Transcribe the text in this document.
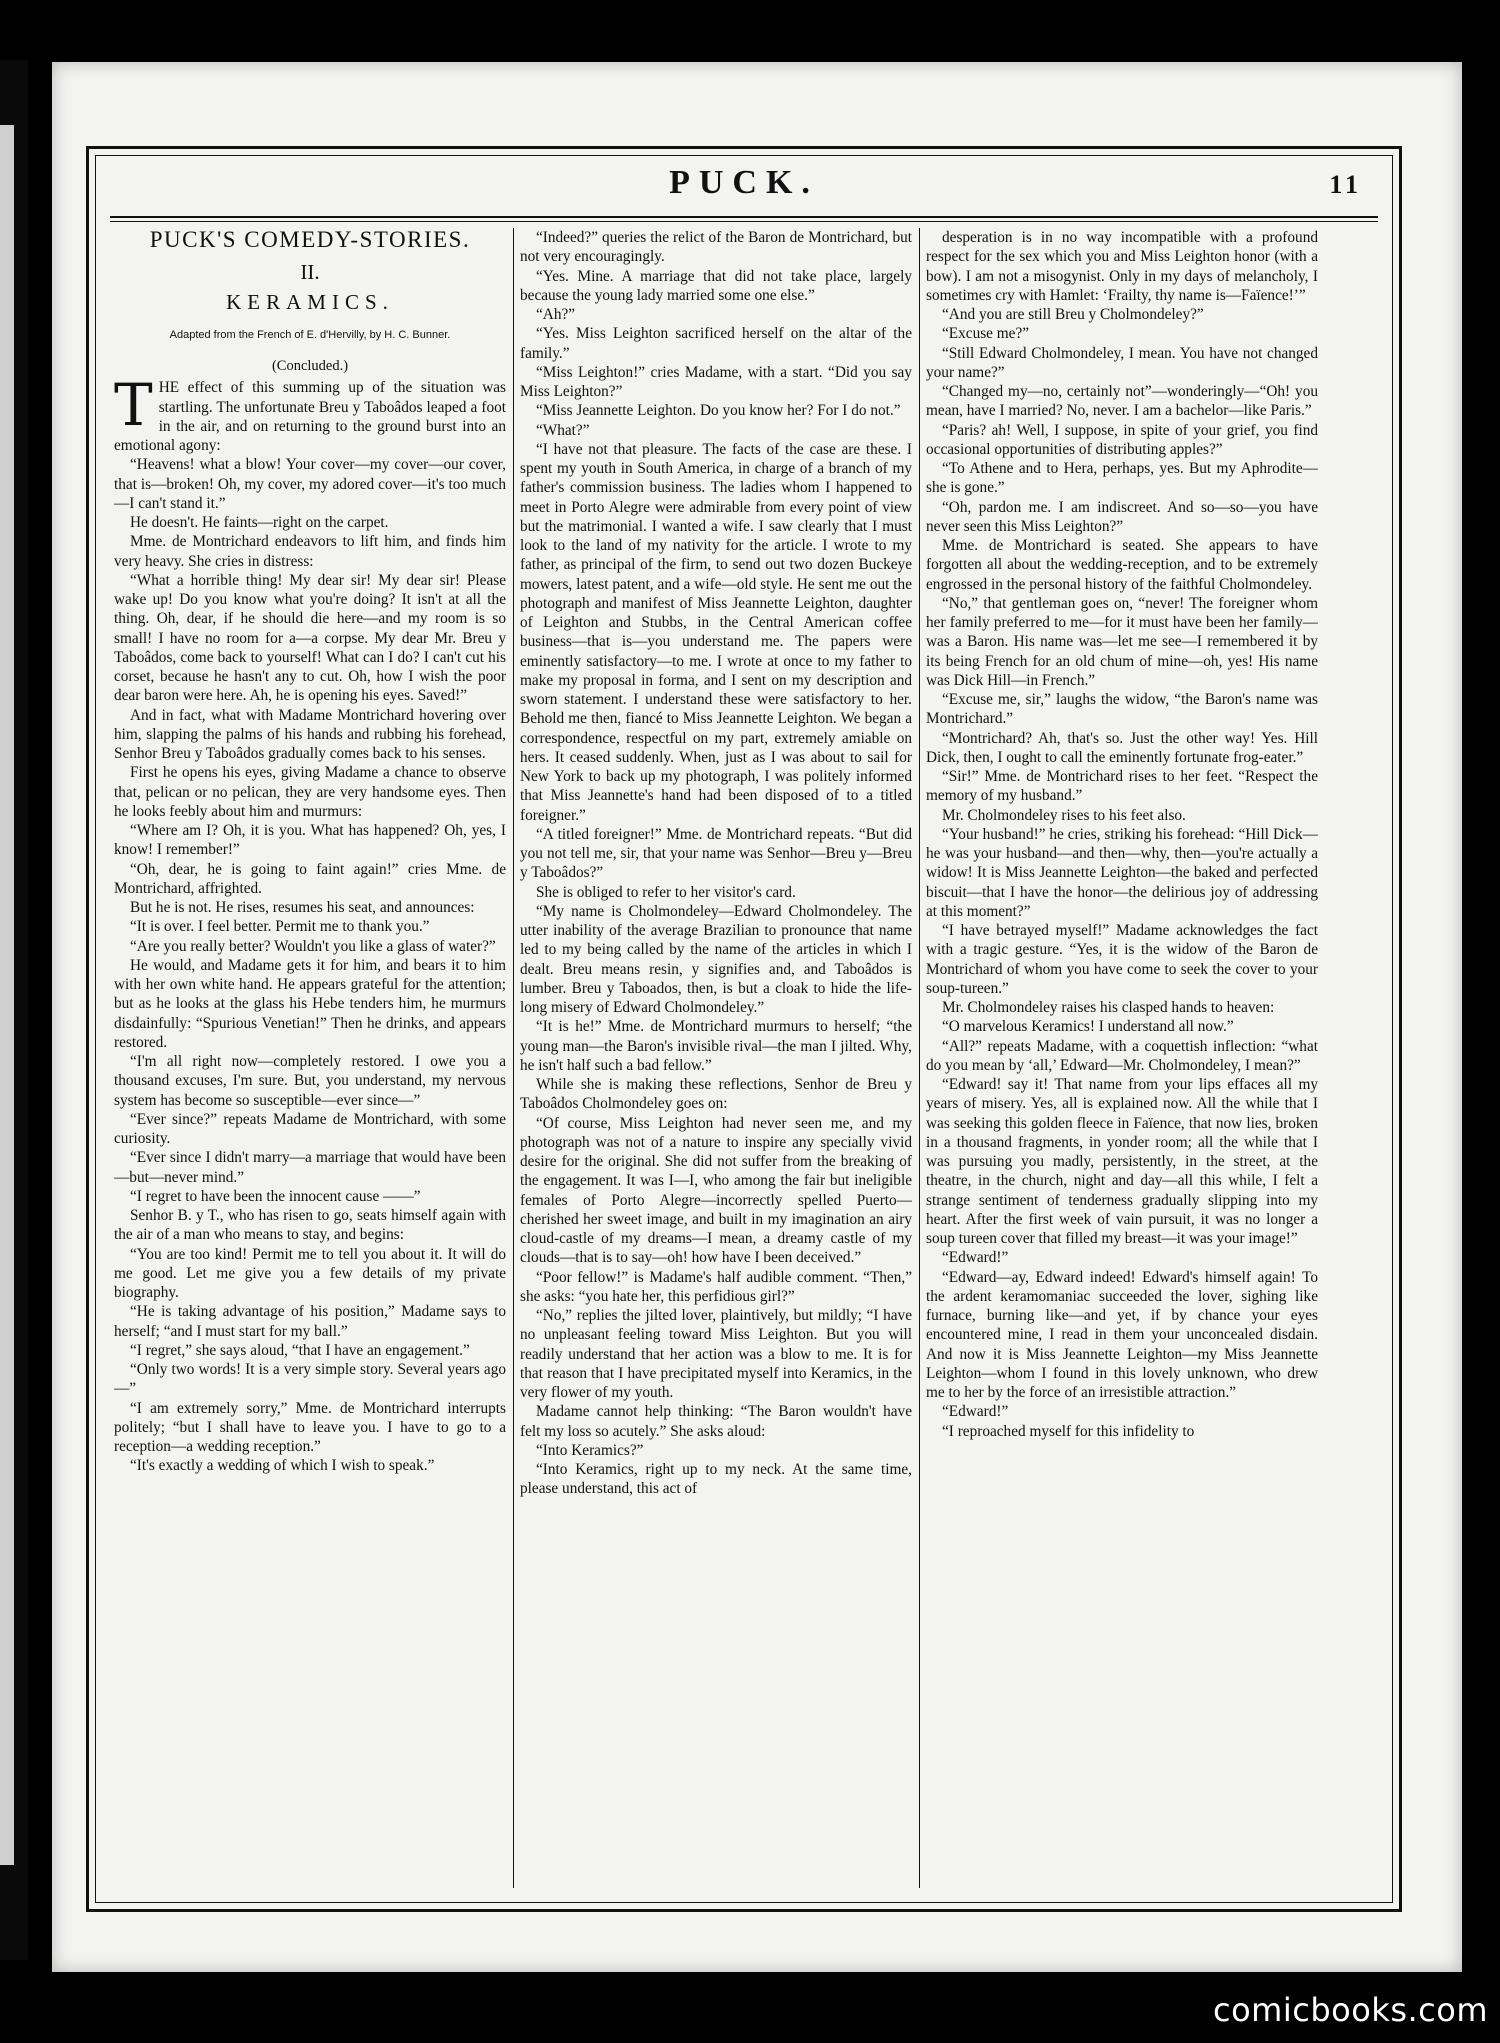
PUCK.	11
PUCK'S COMEDY-STORIES.
II.
KERAMICS.
Adapted from the French of E. d'Hervilly, by H. C. Bunner.
(Concluded.)

THE effect of this summing up of the situation was startling. The unfortunate Breu y Taboâdos leaped a foot in the air, and on returning to the ground burst into an emotional agony:

“Heavens! what a blow! Your cover—my cover—our cover, that is—broken! Oh, my cover, my adored cover—it's too much—I can't stand it.”

He doesn't. He faints—right on the carpet.

Mme. de Montrichard endeavors to lift him, and finds him very heavy. She cries in distress:

“What a horrible thing! My dear sir! My dear sir! Please wake up! Do you know what you're doing? It isn't at all the thing. Oh, dear, if he should die here—and my room is so small! I have no room for a—a corpse. My dear Mr. Breu y Taboâdos, come back to yourself! What can I do? I can't cut his corset, because he hasn't any to cut. Oh, how I wish the poor dear baron were here. Ah, he is opening his eyes. Saved!”

And in fact, what with Madame Montrichard hovering over him, slapping the palms of his hands and rubbing his forehead, Senhor Breu y Taboâdos gradually comes back to his senses.

First he opens his eyes, giving Madame a chance to observe that, pelican or no pelican, they are very handsome eyes. Then he looks feebly about him and murmurs:

“Where am I? Oh, it is you. What has happened? Oh, yes, I know! I remember!”

“Oh, dear, he is going to faint again!” cries Mme. de Montrichard, affrighted.

But he is not. He rises, resumes his seat, and announces:

“It is over. I feel better. Permit me to thank you.”

“Are you really better? Wouldn't you like a glass of water?”

He would, and Madame gets it for him, and bears it to him with her own white hand. He appears grateful for the attention; but as he looks at the glass his Hebe tenders him, he murmurs disdainfully: “Spurious Venetian!” Then he drinks, and appears restored.

“I'm all right now—completely restored. I owe you a thousand excuses, I'm sure. But, you understand, my nervous system has become so susceptible—ever since—”

“Ever since?” repeats Madame de Montrichard, with some curiosity.

“Ever since I didn't marry—a marriage that would have been—but—never mind.”

“I regret to have been the innocent cause ——”

Senhor B. y T., who has risen to go, seats himself again with the air of a man who means to stay, and begins:

“You are too kind! Permit me to tell you about it. It will do me good. Let me give you a few details of my private biography.

“He is taking advantage of his position,” Madame says to herself; “and I must start for my ball.”

“I regret,” she says aloud, “that I have an engagement.”

“Only two words! It is a very simple story. Several years ago—”

“I am extremely sorry,” Mme. de Montrichard interrupts politely; “but I shall have to leave you. I have to go to a reception—a wedding reception.”

“It's exactly a wedding of which I wish to speak.”

“Indeed?” queries the relict of the Baron de Montrichard, but not very encouragingly.

“Yes. Mine. A marriage that did not take place, largely because the young lady married some one else.”

“Ah?”

“Yes. Miss Leighton sacrificed herself on the altar of the family.”

“Miss Leighton!” cries Madame, with a start. “Did you say Miss Leighton?”

“Miss Jeannette Leighton. Do you know her? For I do not.”

“What?”

“I have not that pleasure. The facts of the case are these. I spent my youth in South America, in charge of a branch of my father's commission business. The ladies whom I happened to meet in Porto Alegre were admirable from every point of view but the matrimonial. I wanted a wife. I saw clearly that I must look to the land of my nativity for the article. I wrote to my father, as principal of the firm, to send out two dozen Buckeye mowers, latest patent, and a wife—old style. He sent me out the photograph and manifest of Miss Jeannette Leighton, daughter of Leighton and Stubbs, in the Central American coffee business—that is—you understand me. The papers were eminently satisfactory—to me. I wrote at once to my father to make my proposal in forma, and I sent on my description and sworn statement. I understand these were satisfactory to her. Behold me then, fiancé to Miss Jeannette Leighton. We began a correspondence, respectful on my part, extremely amiable on hers. It ceased suddenly. When, just as I was about to sail for New York to back up my photograph, I was politely informed that Miss Jeannette's hand had been disposed of to a titled foreigner.”

“A titled foreigner!” Mme. de Montrichard repeats. “But did you not tell me, sir, that your name was Senhor—Breu y—Breu y Taboâdos?”

She is obliged to refer to her visitor's card.

“My name is Cholmondeley—Edward Cholmondeley. The utter inability of the average Brazilian to pronounce that name led to my being called by the name of the articles in which I dealt. Breu means resin, y signifies and, and Taboâdos is lumber. Breu y Taboados, then, is but a cloak to hide the life-long misery of Edward Cholmondeley.”

“It is he!” Mme. de Montrichard murmurs to herself; “the young man—the Baron's invisible rival—the man I jilted. Why, he isn't half such a bad fellow.”

While she is making these reflections, Senhor de Breu y Taboâdos Cholmondeley goes on:

“Of course, Miss Leighton had never seen me, and my photograph was not of a nature to inspire any specially vivid desire for the original. She did not suffer from the breaking of the engagement. It was I—I, who among the fair but ineligible females of Porto Alegre—incorrectly spelled Puerto—cherished her sweet image, and built in my imagination an airy cloud-castle of my dreams—I mean, a dreamy castle of my clouds—that is to say—oh! how have I been deceived.”

“Poor fellow!” is Madame's half audible comment. “Then,” she asks: “you hate her, this perfidious girl?”

“No,” replies the jilted lover, plaintively, but mildly; “I have no unpleasant feeling toward Miss Leighton. But you will readily understand that her action was a blow to me. It is for that reason that I have precipitated myself into Keramics, in the very flower of my youth.

Madame cannot help thinking: “The Baron wouldn't have felt my loss so acutely.” She asks aloud:

“Into Keramics?”

“Into Keramics, right up to my neck. At the same time, please understand, this act of

desperation is in no way incompatible with a profound respect for the sex which you and Miss Leighton honor (with a bow). I am not a misogynist. Only in my days of melancholy, I sometimes cry with Hamlet: ‘Frailty, thy name is—Faïence!’”

“And you are still Breu y Cholmondeley?”

“Excuse me?”

“Still Edward Cholmondeley, I mean. You have not changed your name?”

“Changed my—no, certainly not”—wonderingly—“Oh! you mean, have I married? No, never. I am a bachelor—like Paris.”

“Paris? ah! Well, I suppose, in spite of your grief, you find occasional opportunities of distributing apples?”

“To Athene and to Hera, perhaps, yes. But my Aphrodite—she is gone.”

“Oh, pardon me. I am indiscreet. And so—so—you have never seen this Miss Leighton?”

Mme. de Montrichard is seated. She appears to have forgotten all about the wedding-reception, and to be extremely engrossed in the personal history of the faithful Cholmondeley.

“No,” that gentleman goes on, “never! The foreigner whom her family preferred to me—for it must have been her family—was a Baron. His name was—let me see—I remembered it by its being French for an old chum of mine—oh, yes! His name was Dick Hill—in French.”

“Excuse me, sir,” laughs the widow, “the Baron's name was Montrichard.”

“Montrichard? Ah, that's so. Just the other way! Yes. Hill Dick, then, I ought to call the eminently fortunate frog-eater.”

“Sir!” Mme. de Montrichard rises to her feet. “Respect the memory of my husband.”

Mr. Cholmondeley rises to his feet also.

“Your husband!” he cries, striking his forehead: “Hill Dick—he was your husband—and then—why, then—you're actually a widow! It is Miss Jeannette Leighton—the baked and perfected biscuit—that I have the honor—the delirious joy of addressing at this moment?”

“I have betrayed myself!” Madame acknowledges the fact with a tragic gesture. “Yes, it is the widow of the Baron de Montrichard of whom you have come to seek the cover to your soup-tureen.”

Mr. Cholmondeley raises his clasped hands to heaven:

“O marvelous Keramics! I understand all now.”

“All?” repeats Madame, with a coquettish inflection: “what do you mean by ‘all,’ Edward—Mr. Cholmondeley, I mean?”

“Edward! say it! That name from your lips effaces all my years of misery. Yes, all is explained now. All the while that I was seeking this golden fleece in Faïence, that now lies, broken in a thousand fragments, in yonder room; all the while that I was pursuing you madly, persistently, in the street, at the theatre, in the church, night and day—all this while, I felt a strange sentiment of tenderness gradually slipping into my heart. After the first week of vain pursuit, it was no longer a soup tureen cover that filled my breast—it was your image!”

“Edward!”

“Edward—ay, Edward indeed! Edward's himself again! To the ardent keramomaniac succeeded the lover, sighing like furnace, burning like—and yet, if by chance your eyes encountered mine, I read in them your unconcealed disdain. And now it is Miss Jeannette Leighton—my Miss Jeannette Leighton—whom I found in this lovely unknown, who drew me to her by the force of an irresistible attraction.”

“Edward!”

“I reproached myself for this infidelity to

comicbooks.com
